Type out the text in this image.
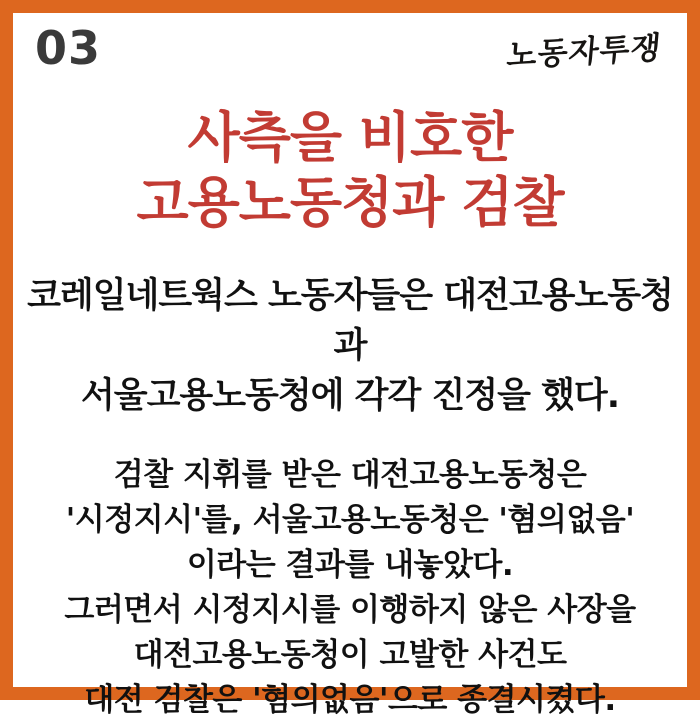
03	노동자투쟁
사측을 비호한
고용노동청과 검찰
코레일네트웍스 노동자들은 대전고용노동청과
서울고용노동청에 각각 진정을 했다.
검찰 지휘를 받은 대전고용노동청은
'시정지시'를, 서울고용노동청은 '혐의없음'
이라는 결과를 내놓았다.
그러면서 시정지시를 이행하지 않은 사장을
대전고용노동청이 고발한 사건도
대전 검찰은 '혐의없음'으로 종결시켰다.
